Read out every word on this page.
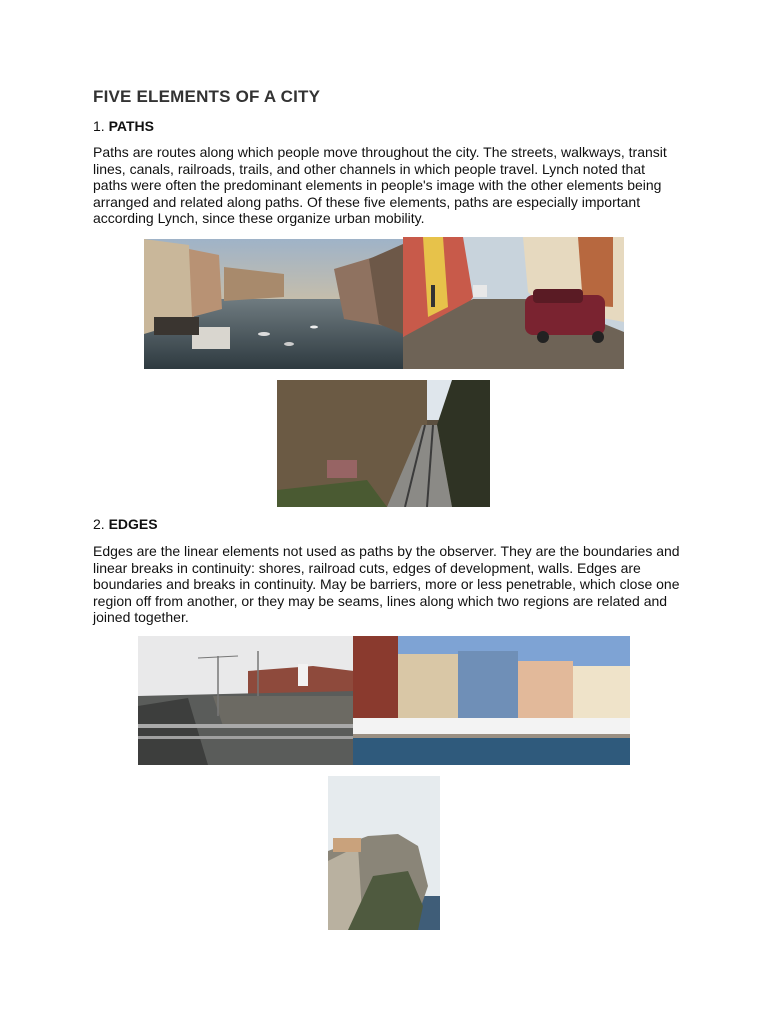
FIVE ELEMENTS OF A CITY
1. PATHS
Paths are routes along which people move throughout the city. The streets, walkways, transit lines, canals, railroads, trails, and other channels in which people travel. Lynch noted that paths were often the predominant elements in people's image with the other elements being arranged and related along paths. Of these five elements, paths are especially important according Lynch, since these organize urban mobility.
2. EDGES
Edges are the linear elements not used as paths by the observer. They are the boundaries and linear breaks in continuity: shores, railroad cuts, edges of development, walls. Edges are boundaries and breaks in continuity. May be barriers, more or less penetrable, which close one region off from another, or they may be seams, lines along which two regions are related and joined together.
